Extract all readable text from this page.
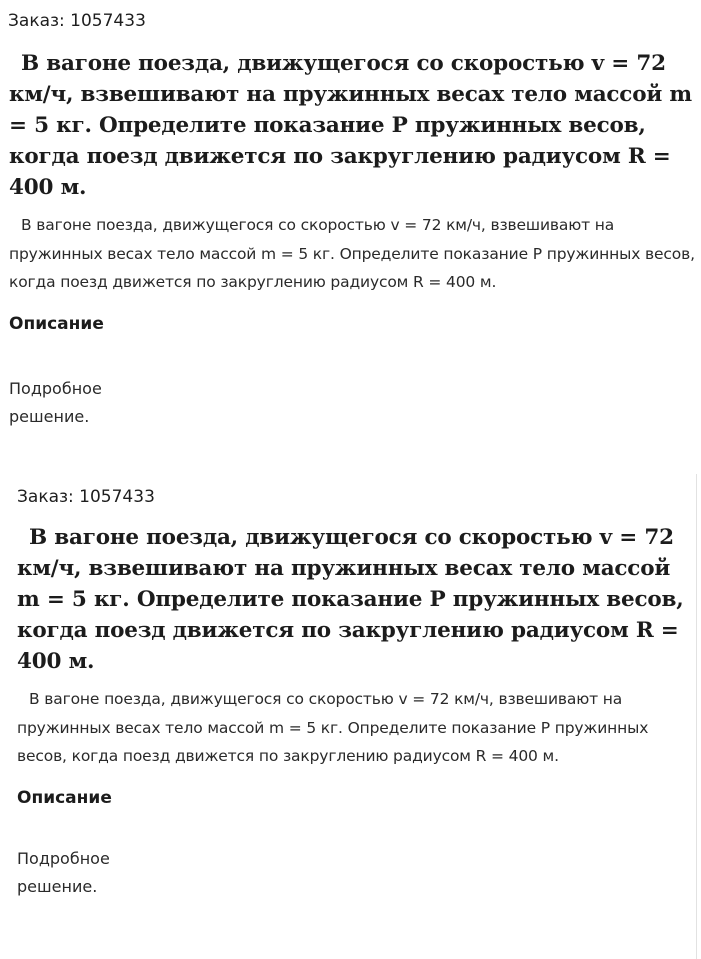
Заказ: 1057433

В вагоне поезда, движущегося со скоростью v = 72 км/ч, взвешивают на пружинных весах тело массой m = 5 кг. Определите показание P пружинных весов, когда поезд движется по закруглению радиусом R = 400 м.

В вагоне поезда, движущегося со скоростью v = 72 км/ч, взвешивают на пружинных весах тело массой m = 5 кг. Определите показание P пружинных весов, когда поезд движется по закруглению радиусом R = 400 м.

Описание

Подробное решение.

Заказ: 1057433

В вагоне поезда, движущегося со скоростью v = 72 км/ч, взвешивают на пружинных весах тело массой m = 5 кг. Определите показание P пружинных весов, когда поезд движется по закруглению радиусом R = 400 м.

В вагоне поезда, движущегося со скоростью v = 72 км/ч, взвешивают на пружинных весах тело массой m = 5 кг. Определите показание P пружинных весов, когда поезд движется по закруглению радиусом R = 400 м.

Описание

Подробное решение.
